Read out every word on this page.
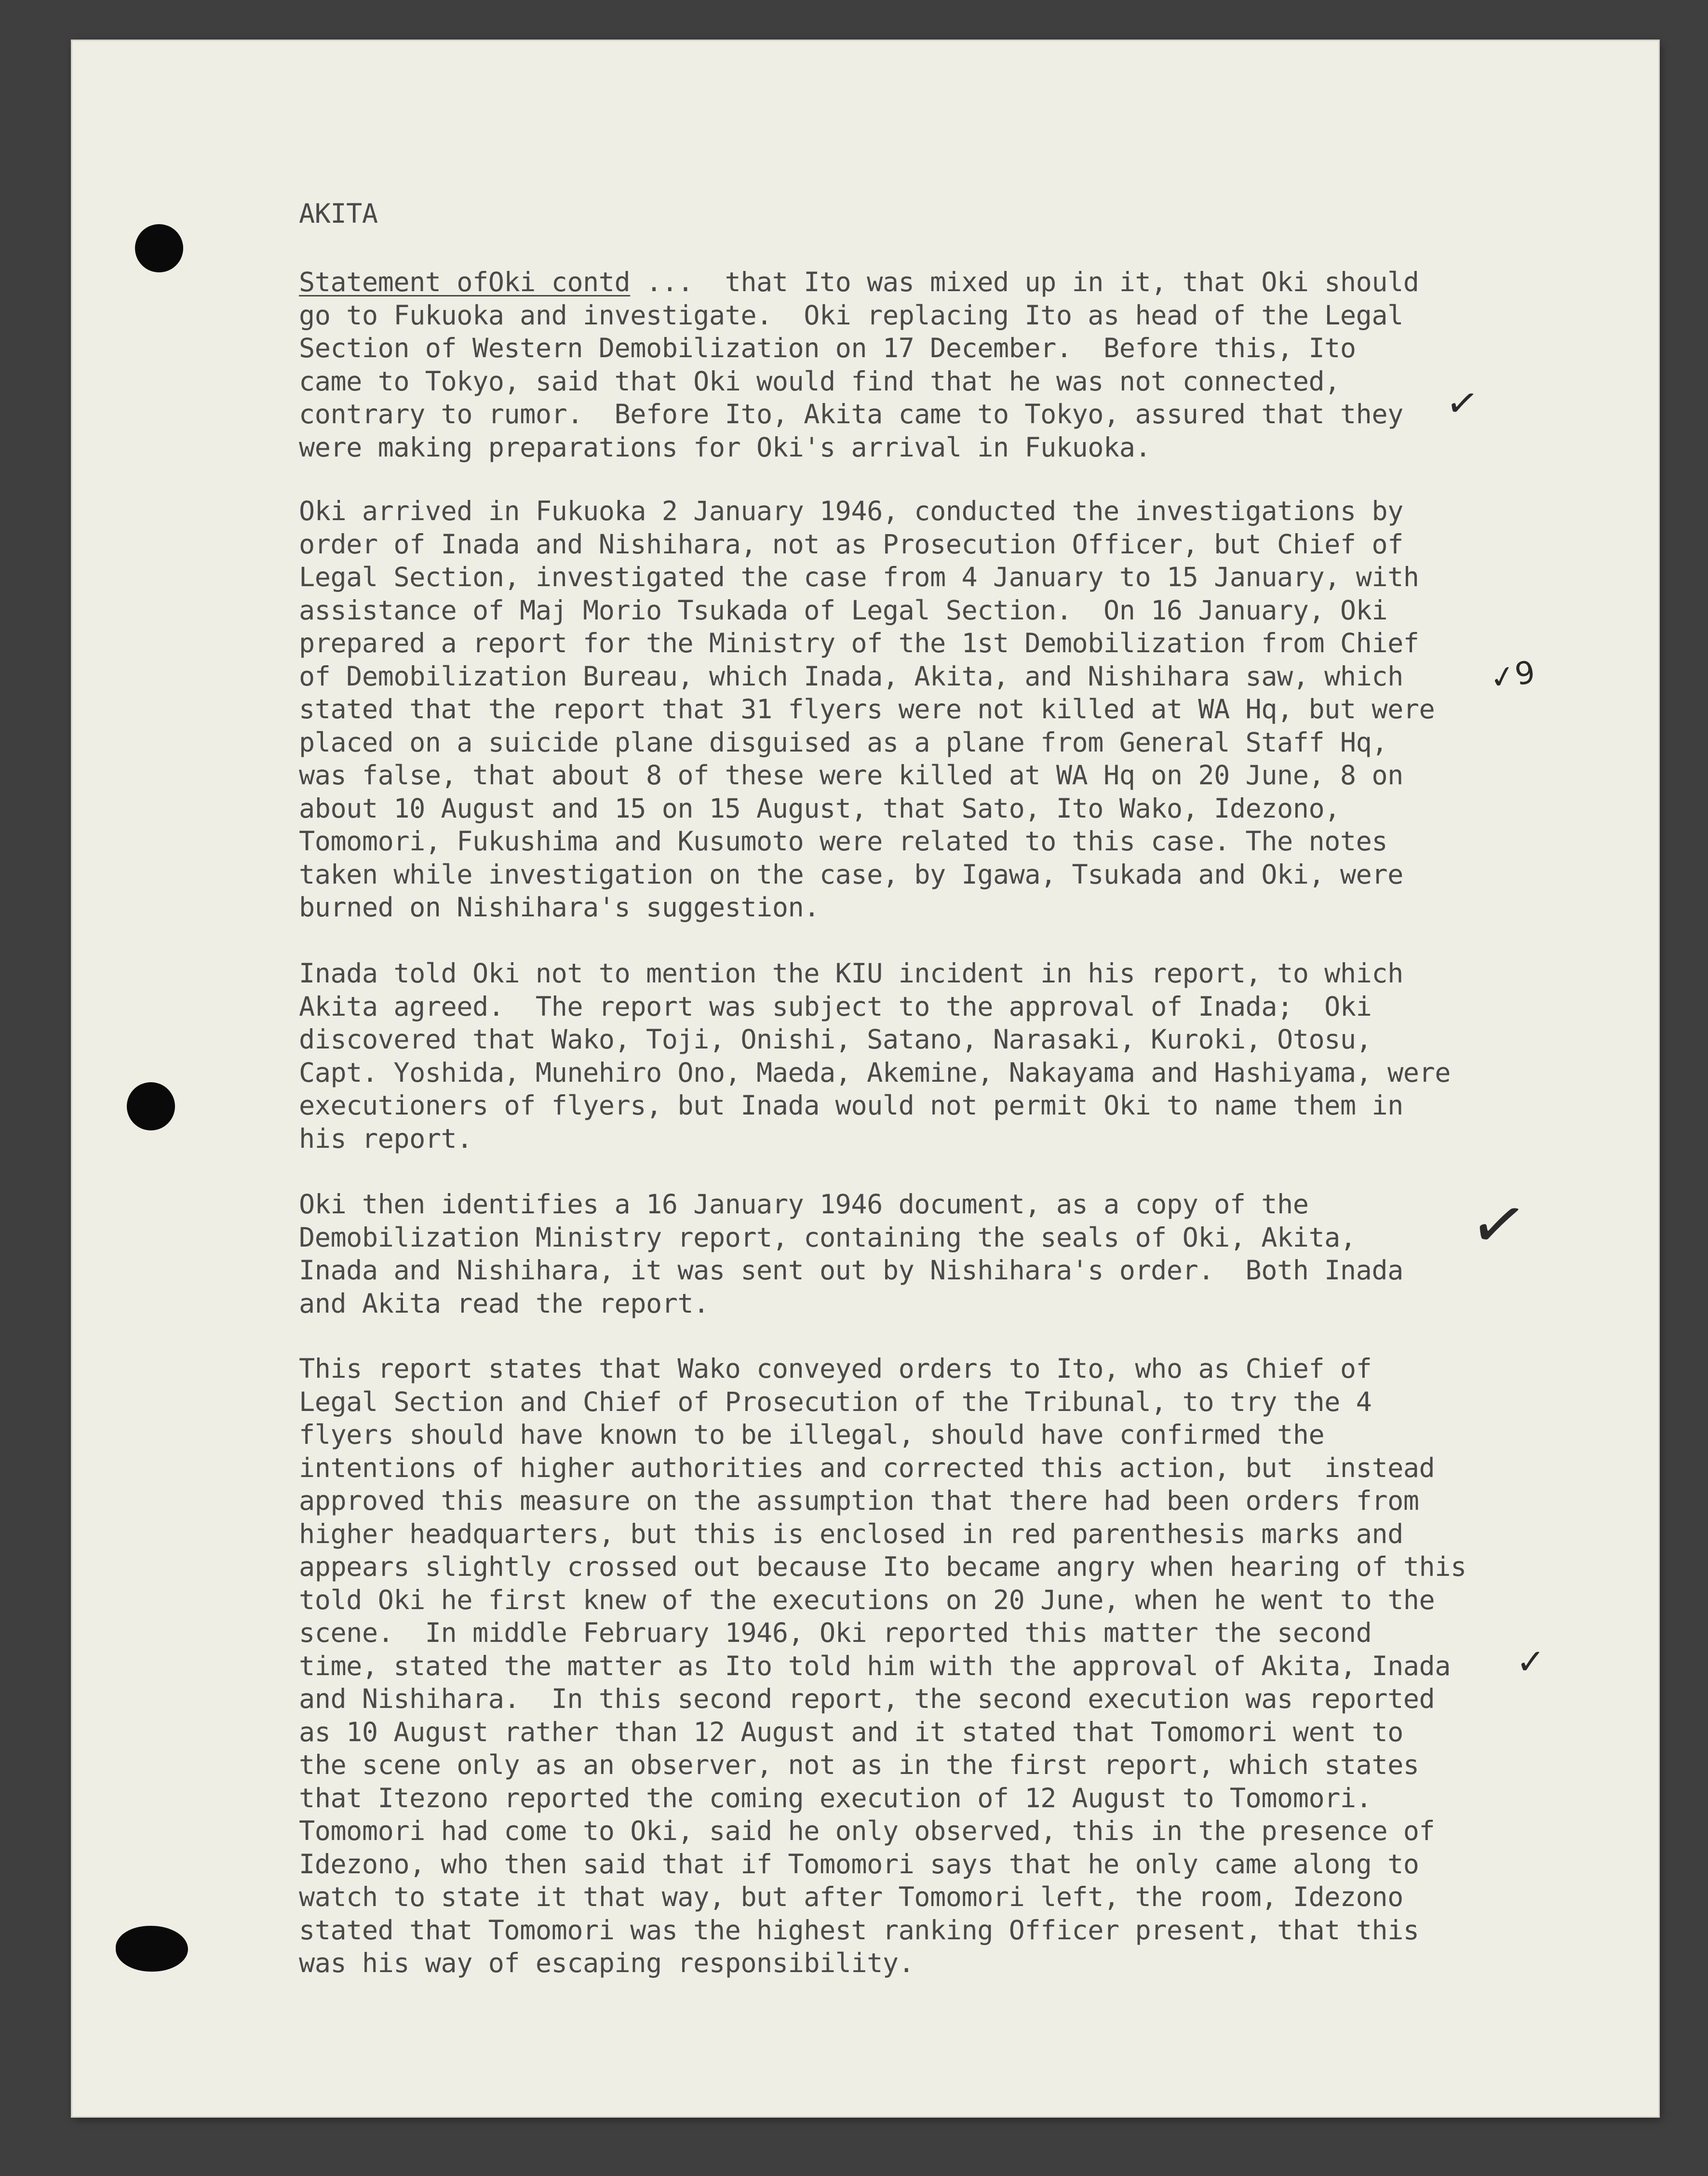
AKITA
Statement ofOki contd ...  that Ito was mixed up in it, that Oki should
go to Fukuoka and investigate.  Oki replacing Ito as head of the Legal
Section of Western Demobilization on 17 December.  Before this, Ito
came to Tokyo, said that Oki would find that he was not connected,
contrary to rumor.  Before Ito, Akita came to Tokyo, assured that they
were making preparations for Oki's arrival in Fukuoka.
Oki arrived in Fukuoka 2 January 1946, conducted the investigations by
order of Inada and Nishihara, not as Prosecution Officer, but Chief of
Legal Section, investigated the case from 4 January to 15 January, with
assistance of Maj Morio Tsukada of Legal Section.  On 16 January, Oki
prepared a report for the Ministry of the 1st Demobilization from Chief
of Demobilization Bureau, which Inada, Akita, and Nishihara saw, which
stated that the report that 31 flyers were not killed at WA Hq, but were
placed on a suicide plane disguised as a plane from General Staff Hq,
was false, that about 8 of these were killed at WA Hq on 20 June, 8 on
about 10 August and 15 on 15 August, that Sato, Ito Wako, Idezono,
Tomomori, Fukushima and Kusumoto were related to this case. The notes
taken while investigation on the case, by Igawa, Tsukada and Oki, were
burned on Nishihara's suggestion.
Inada told Oki not to mention the KIU incident in his report, to which
Akita agreed.  The report was subject to the approval of Inada;  Oki
discovered that Wako, Toji, Onishi, Satano, Narasaki, Kuroki, Otosu,
Capt. Yoshida, Munehiro Ono, Maeda, Akemine, Nakayama and Hashiyama, were
executioners of flyers, but Inada would not permit Oki to name them in
his report.
Oki then identifies a 16 January 1946 document, as a copy of the
Demobilization Ministry report, containing the seals of Oki, Akita,
Inada and Nishihara, it was sent out by Nishihara's order.  Both Inada
and Akita read the report.
This report states that Wako conveyed orders to Ito, who as Chief of
Legal Section and Chief of Prosecution of the Tribunal, to try the 4
flyers should have known to be illegal, should have confirmed the
intentions of higher authorities and corrected this action, but  instead
approved this measure on the assumption that there had been orders from
higher headquarters, but this is enclosed in red parenthesis marks and
appears slightly crossed out because Ito became angry when hearing of this
told Oki he first knew of the executions on 20 June, when he went to the
scene.  In middle February 1946, Oki reported this matter the second
time, stated the matter as Ito told him with the approval of Akita, Inada
and Nishihara.  In this second report, the second execution was reported
as 10 August rather than 12 August and it stated that Tomomori went to
the scene only as an observer, not as in the first report, which states
that Itezono reported the coming execution of 12 August to Tomomori.
Tomomori had come to Oki, said he only observed, this in the presence of
Idezono, who then said that if Tomomori says that he only came along to
watch to state it that way, but after Tomomori left, the room, Idezono
stated that Tomomori was the highest ranking Officer present, that this
was his way of escaping responsibility.
✓
✓9
✓
✓
